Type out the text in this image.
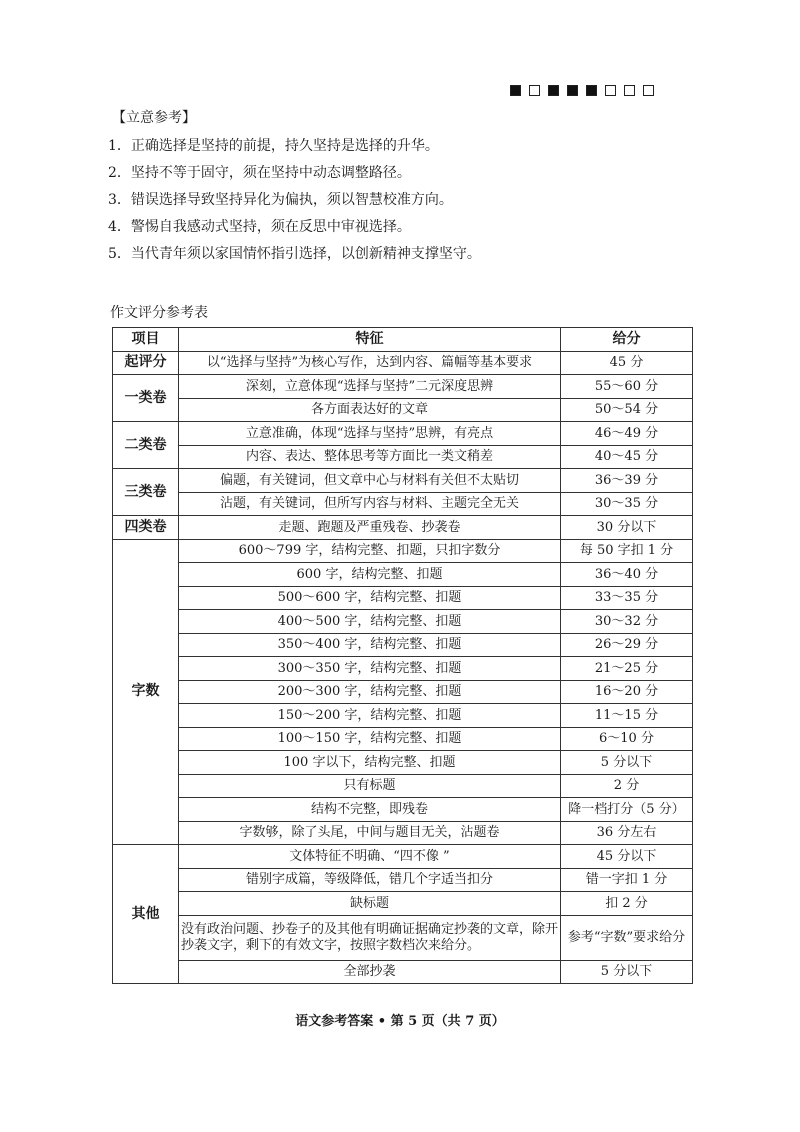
【立意参考】
1．正确选择是坚持的前提，持久坚持是选择的升华。
2．坚持不等于固守，须在坚持中动态调整路径。
3．错误选择导致坚持异化为偏执，须以智慧校准方向。
4．警惕自我感动式坚持，须在反思中审视选择。
5．当代青年须以家国情怀指引选择，以创新精神支撑坚守。
作文评分参考表
项目	特征	给分
起评分	以“选择与坚持”为核心写作，达到内容、篇幅等基本要求	45 分
一类卷	深刻，立意体现“选择与坚持”二元深度思辨	55～60 分
	各方面表达好的文章	50～54 分
二类卷	立意准确，体现“选择与坚持”思辨，有亮点	46～49 分
	内容、表达、整体思考等方面比一类文稍差	40～45 分
三类卷	偏题，有关键词，但文章中心与材料有关但不太贴切	36～39 分
	沾题，有关键词，但所写内容与材料、主题完全无关	30～35 分
四类卷	走题、跑题及严重残卷、抄袭卷	30 分以下
字数	600～799 字，结构完整、扣题，只扣字数分	每 50 字扣 1 分
	600 字，结构完整、扣题	36～40 分
	500～600 字，结构完整、扣题	33～35 分
	400～500 字，结构完整、扣题	30～32 分
	350～400 字，结构完整、扣题	26～29 分
	300～350 字，结构完整、扣题	21～25 分
	200～300 字，结构完整、扣题	16～20 分
	150～200 字，结构完整、扣题	11～15 分
	100～150 字，结构完整、扣题	6～10 分
	100 字以下，结构完整、扣题	5 分以下
	只有标题	2 分
	结构不完整，即残卷	降一档打分（5 分）
	字数够，除了头尾，中间与题目无关，沾题卷	36 分左右
其他	文体特征不明确、“四不像 ”	45 分以下
	错别字成篇，等级降低，错几个字适当扣分	错一字扣 1 分
	缺标题	扣 2 分
	没有政治问题、抄卷子的及其他有明确证据确定抄袭的文章，除开抄袭文字，剩下的有效文字，按照字数档次来给分。	参考“字数”要求给分
	全部抄袭	5 分以下
语文参考答案 • 第 5 页（共 7 页）
